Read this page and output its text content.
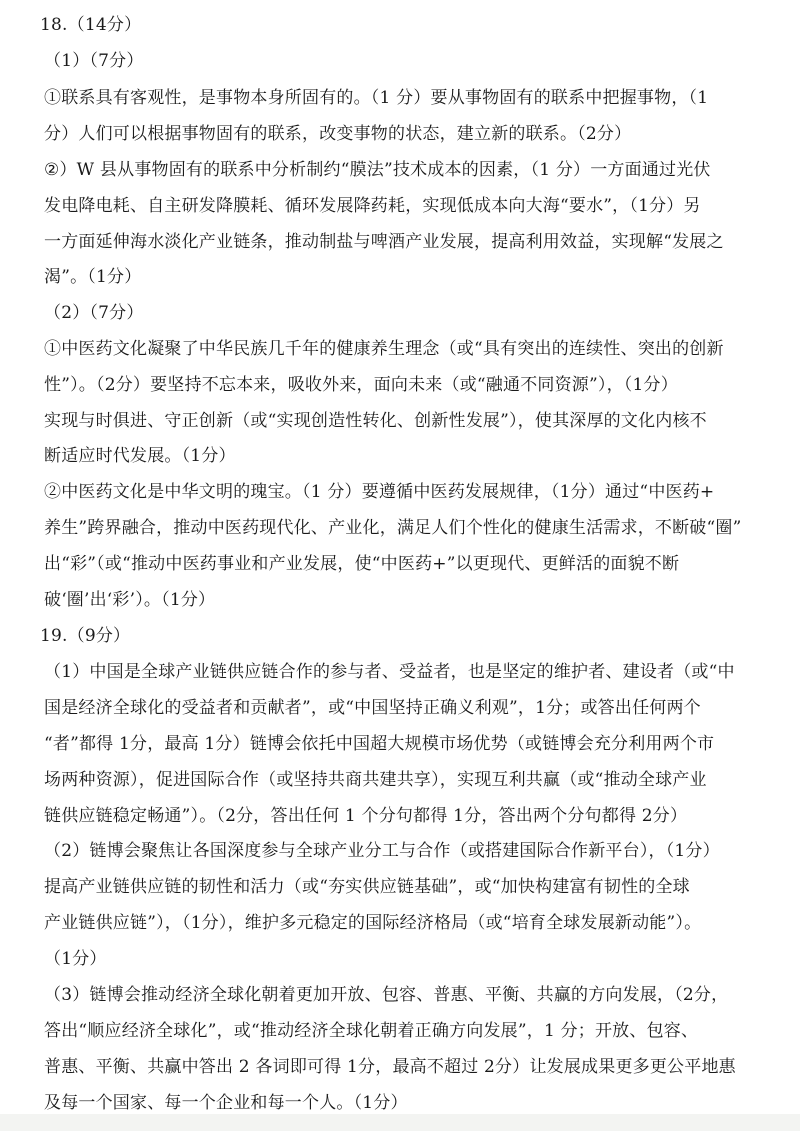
18.（14分）
（1）（7分）
①联系具有客观性，是事物本身所固有的。（1 分）要从事物固有的联系中把握事物，（1
分）人们可以根据事物固有的联系，改变事物的状态，建立新的联系。（2分）
②）W 县从事物固有的联系中分析制约“膜法”技术成本的因素，（1 分）一方面通过光伏
发电降电耗、自主研发降膜耗、循环发展降药耗，实现低成本向大海“要水”，（1分）另
一方面延伸海水淡化产业链条，推动制盐与啤酒产业发展，提高利用效益，实现解“发展之
渴”。（1分）
（2）（7分）
①中医药文化凝聚了中华民族几千年的健康养生理念（或“具有突出的连续性、突出的创新
性”）。（2分）要坚持不忘本来，吸收外来，面向未来（或“融通不同资源”），（1分）
实现与时俱进、守正创新（或“实现创造性转化、创新性发展”），使其深厚的文化内核不
断适应时代发展。（1分）
②中医药文化是中华文明的瑰宝。（1 分）要遵循中医药发展规律，（1分）通过“中医药+
养生”跨界融合，推动中医药现代化、产业化，满足人们个性化的健康生活需求，不断破“圈”
出“彩”（或“推动中医药事业和产业发展，使“中医药+”以更现代、更鲜活的面貌不断
破‘圈’出‘彩’）。（1分）
19.（9分）
（1）中国是全球产业链供应链合作的参与者、受益者，也是坚定的维护者、建设者（或“中
国是经济全球化的受益者和贡献者”，或“中国坚持正确义利观”，1分；或答出任何两个
“者”都得 1分，最高 1分）链博会依托中国超大规模市场优势（或链博会充分利用两个市
场两种资源），促进国际合作（或坚持共商共建共享），实现互利共赢（或“推动全球产业
链供应链稳定畅通”）。（2分，答出任何 1 个分句都得 1分，答出两个分句都得 2分）
（2）链博会聚焦让各国深度参与全球产业分工与合作（或搭建国际合作新平台），（1分）
提高产业链供应链的韧性和活力（或“夯实供应链基础”，或“加快构建富有韧性的全球
产业链供应链”），（1分），维护多元稳定的国际经济格局（或“培育全球发展新动能”）。
（1分）
（3）链博会推动经济全球化朝着更加开放、包容、普惠、平衡、共赢的方向发展，（2分，
答出“顺应经济全球化”，或“推动经济全球化朝着正确方向发展”，1 分；开放、包容、
普惠、平衡、共赢中答出 2 各词即可得 1分，最高不超过 2分）让发展成果更多更公平地惠
及每一个国家、每一个企业和每一个人。（1分）
